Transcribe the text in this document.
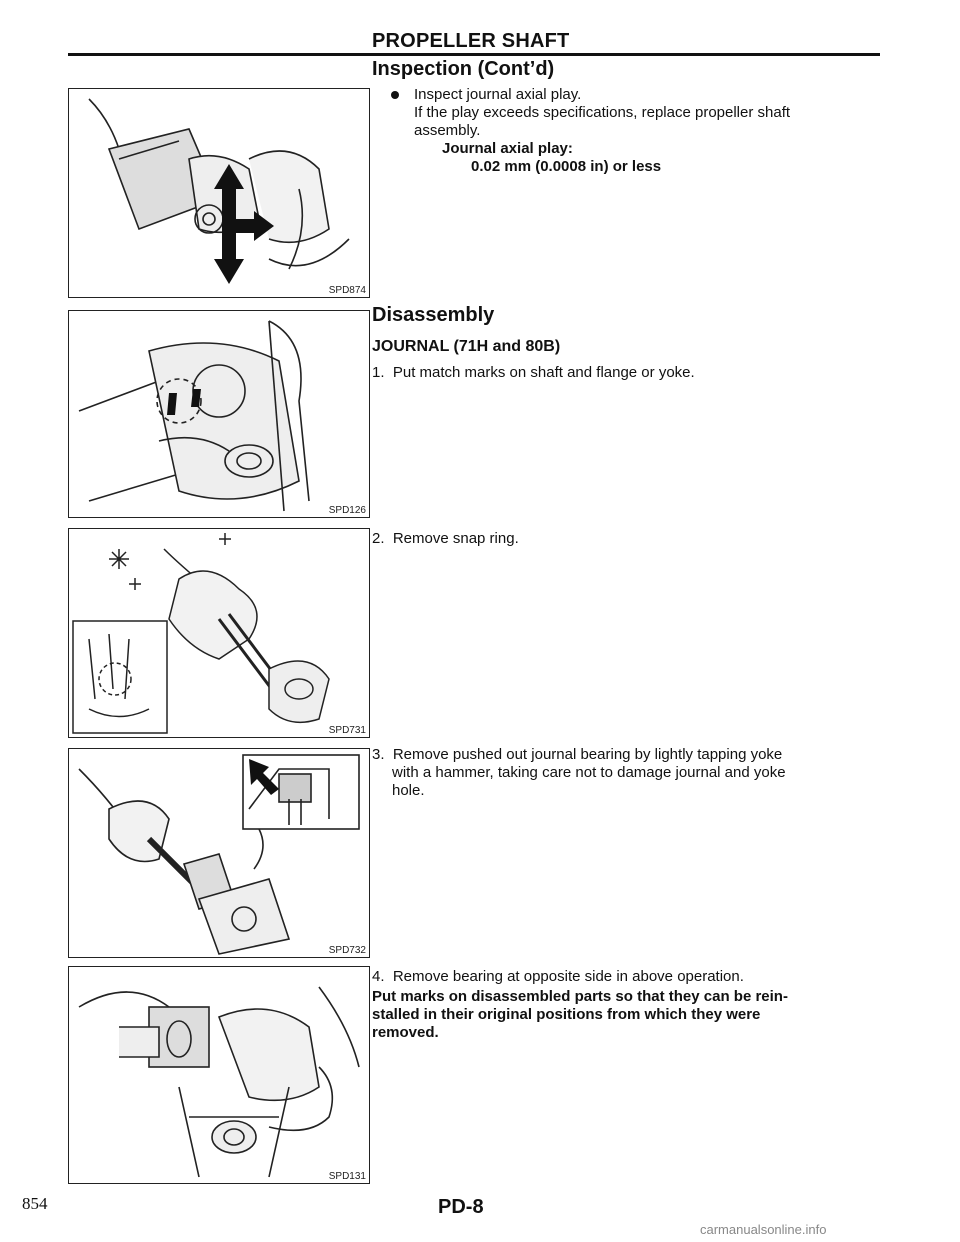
PROPELLER SHAFT
Inspection (Cont’d)
Inspect journal axial play.
If the play exceeds specifications, replace propeller shaft
assembly.
Journal axial play:
0.02 mm (0.0008 in) or less
Disassembly
JOURNAL (71H and 80B)
1.  Put match marks on shaft and flange or yoke.
2.  Remove snap ring.
3.  Remove pushed out journal bearing by lightly tapping yoke
with a hammer, taking care not to damage journal and yoke
hole.
4.  Remove bearing at opposite side in above operation.
Put marks on disassembled parts so that they can be rein-
stalled in their original positions from which they were
removed.
SPD874
SPD126
SPD731
SPD732
SPD131
854	PD-8
carmanualsonline.info
